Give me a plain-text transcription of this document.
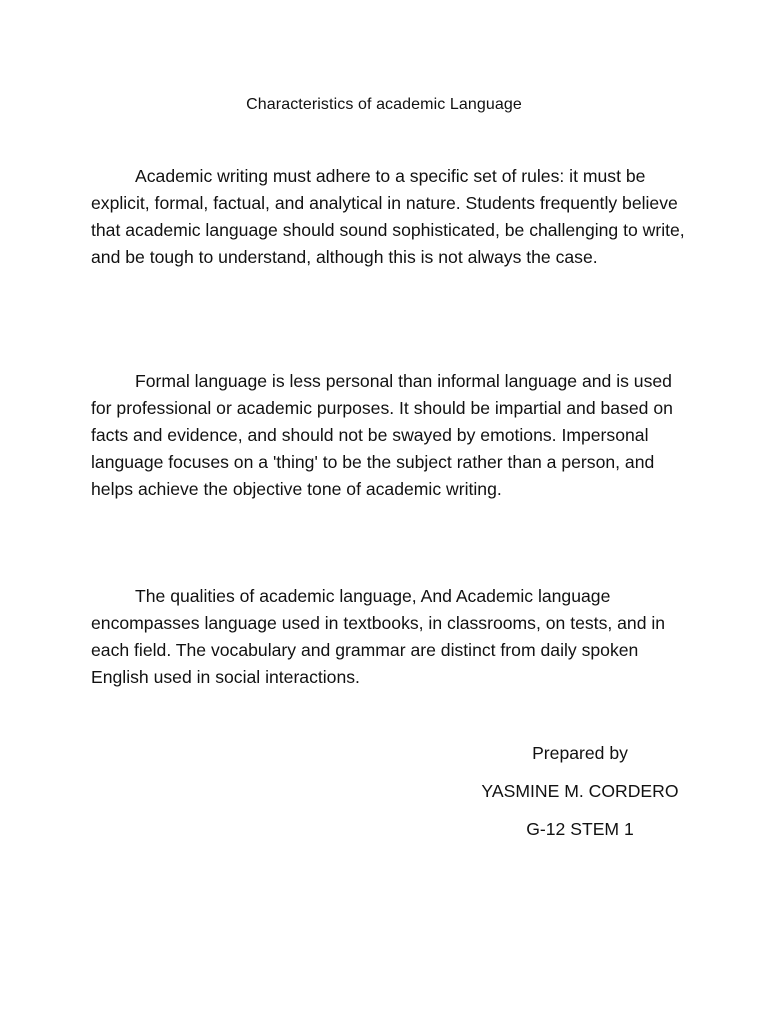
Characteristics of academic Language

Academic writing must adhere to a specific set of rules: it must be explicit, formal, factual, and analytical in nature. Students frequently believe that academic language should sound sophisticated, be challenging to write, and be tough to understand, although this is not always the case.

Formal language is less personal than informal language and is used for professional or academic purposes. It should be impartial and based on facts and evidence, and should not be swayed by emotions. Impersonal language focuses on a 'thing' to be the subject rather than a person, and helps achieve the objective tone of academic writing.

The qualities of academic language, And Academic language encompasses language used in textbooks, in classrooms, on tests, and in each field. The vocabulary and grammar are distinct from daily spoken English used in social interactions.

Prepared by

YASMINE M. CORDERO

G-12 STEM 1
